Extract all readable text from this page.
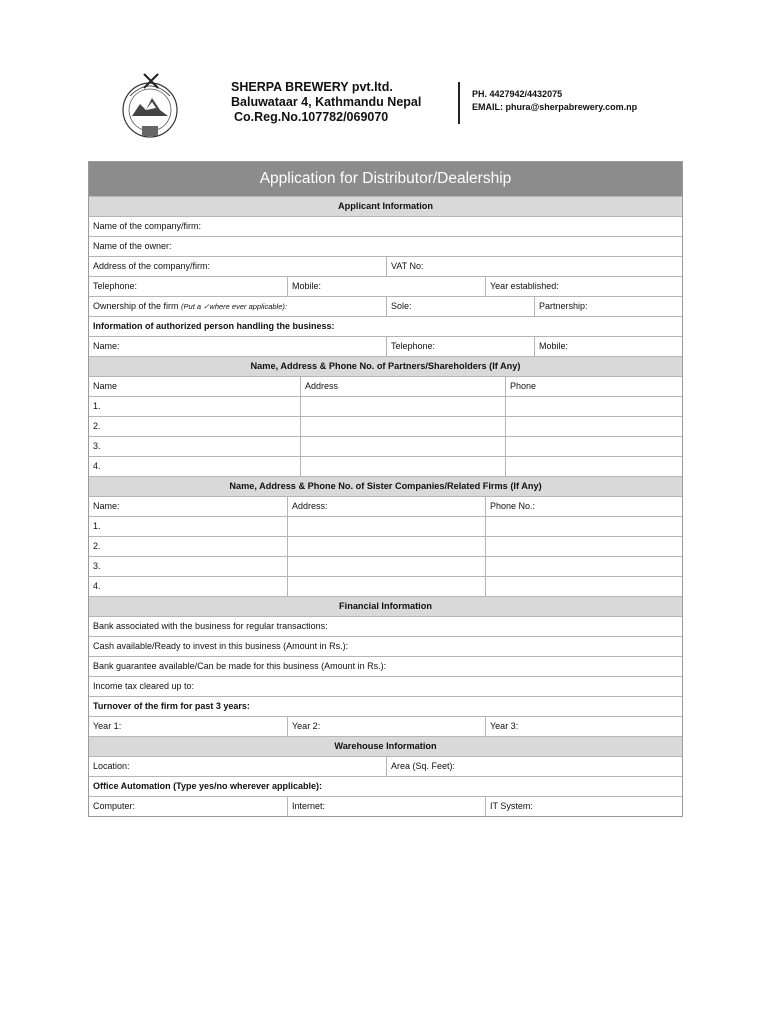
SHERPA BREWERY pvt.ltd.
Baluwataar 4, Kathmandu Nepal
Co.Reg.No.107782/069070
PH. 4427942/4432075
EMAIL: phura@sherpabrewery.com.np
Application for Distributor/Dealership
Applicant Information
Name of the company/firm:
Name of the owner:
Address of the company/firm:	VAT No:
Telephone:	Mobile:	Year established:
Ownership of the firm (Put a ✓where ever applicable):	Sole:	Partnership:
Information of authorized person handling the business:
Name:	Telephone:	Mobile:
Name, Address & Phone No. of Partners/Shareholders (If Any)
Name	Address	Phone
1.
2.
3.
4.
Name, Address & Phone No. of Sister Companies/Related Firms (If Any)
Name:	Address:	Phone No.:
1.
2.
3.
4.
Financial Information
Bank associated with the business for regular transactions:
Cash available/Ready to invest in this business (Amount in Rs.):
Bank guarantee available/Can be made for this business (Amount in Rs.):
Income tax cleared up to:
Turnover of the firm for past 3 years:
Year 1:	Year 2:	Year 3:
Warehouse Information
Location:	Area (Sq. Feet):
Office Automation (Type yes/no wherever applicable):
Computer:	Internet:	IT System:
